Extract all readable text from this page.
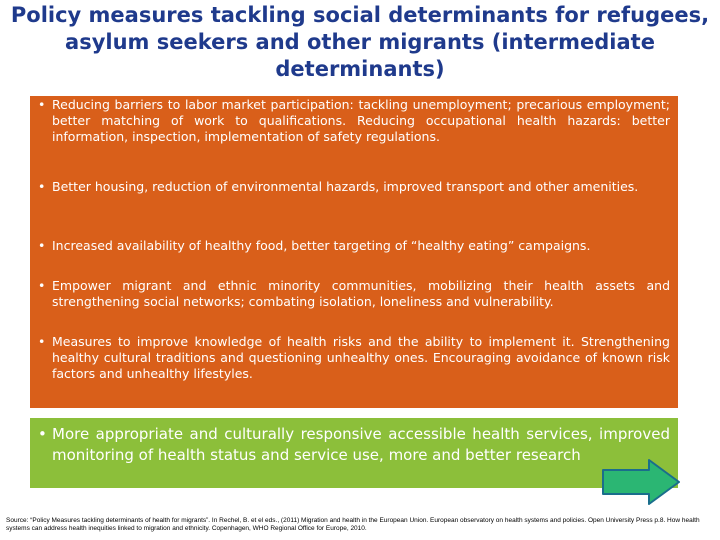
Policy measures tackling social determinants for refugees, asylum seekers and other migrants (intermediate determinants)
• Reducing barriers to labor market participation: tackling unemployment; precarious employment; better matching of work to qualifications. Reducing occupational health hazards: better information, inspection, implementation of safety regulations.
• Better housing, reduction of environmental hazards, improved transport and other amenities.
• Increased availability of healthy food, better targeting of “healthy eating” campaigns.
• Empower migrant and ethnic minority communities, mobilizing their health assets and strengthening social networks; combating isolation, loneliness and vulnerability.
• Measures to improve knowledge of health risks and the ability to implement it. Strengthening healthy cultural traditions and questioning unhealthy ones. Encouraging avoidance of known risk factors and unhealthy lifestyles.
• More appropriate and culturally responsive accessible health services, improved monitoring of health status and service use, more and better research
Source: “Policy Measures tackling determinants of health for migrants”. In Rechel, B. et el eds., (2011) Migration and health in the European Union. European observatory on health systems and policies. Open University Press p.8. How health systems can address health inequities linked to migration and ethnicity. Copenhagen, WHO Regional Office for Europe, 2010.
